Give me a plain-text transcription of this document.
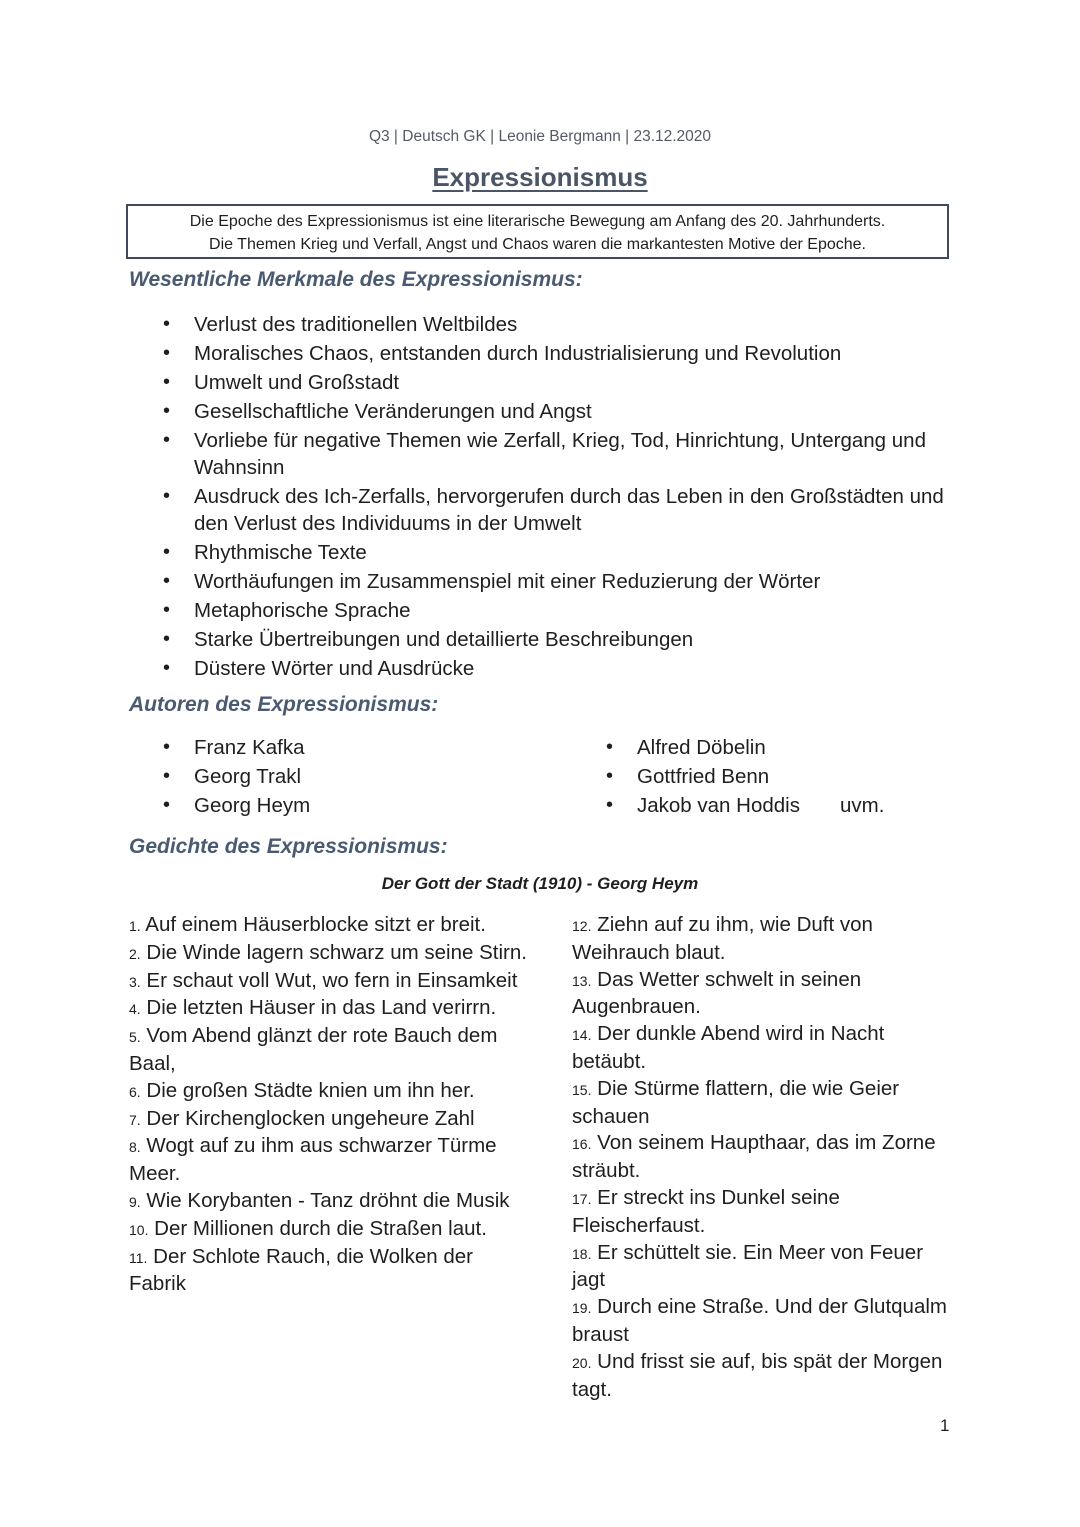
Q3 | Deutsch GK | Leonie Bergmann | 23.12.2020
Expressionismus
Die Epoche des Expressionismus ist eine literarische Bewegung am Anfang des 20. Jahrhunderts.
Die Themen Krieg und Verfall, Angst und Chaos waren die markantesten Motive der Epoche.
Wesentliche Merkmale des Expressionismus:
• Verlust des traditionellen Weltbildes
• Moralisches Chaos, entstanden durch Industrialisierung und Revolution
• Umwelt und Großstadt
• Gesellschaftliche Veränderungen und Angst
• Vorliebe für negative Themen wie Zerfall, Krieg, Tod, Hinrichtung, Untergang und Wahnsinn
• Ausdruck des Ich-Zerfalls, hervorgerufen durch das Leben in den Großstädten und den Verlust des Individuums in der Umwelt
• Rhythmische Texte
• Worthäufungen im Zusammenspiel mit einer Reduzierung der Wörter
• Metaphorische Sprache
• Starke Übertreibungen und detaillierte Beschreibungen
• Düstere Wörter und Ausdrücke
Autoren des Expressionismus:
• Franz Kafka
• Georg Trakl
• Georg Heym
• Alfred Döbelin
• Gottfried Benn
• Jakob van Hoddis	uvm.
Gedichte des Expressionismus:
Der Gott der Stadt (1910) - Georg Heym
1. Auf einem Häuserblocke sitzt er breit.
2. Die Winde lagern schwarz um seine Stirn.
3. Er schaut voll Wut, wo fern in Einsamkeit
4. Die letzten Häuser in das Land verirrn.
5. Vom Abend glänzt der rote Bauch dem Baal,
6. Die großen Städte knien um ihn her.
7. Der Kirchenglocken ungeheure Zahl
8. Wogt auf zu ihm aus schwarzer Türme Meer.
9. Wie Korybanten - Tanz dröhnt die Musik
10. Der Millionen durch die Straßen laut.
11. Der Schlote Rauch, die Wolken der Fabrik
12. Ziehn auf zu ihm, wie Duft von Weihrauch blaut.
13. Das Wetter schwelt in seinen Augenbrauen.
14. Der dunkle Abend wird in Nacht betäubt.
15. Die Stürme flattern, die wie Geier schauen
16. Von seinem Haupthaar, das im Zorne sträubt.
17. Er streckt ins Dunkel seine Fleischerfaust.
18. Er schüttelt sie. Ein Meer von Feuer jagt
19. Durch eine Straße. Und der Glutqualm braust
20. Und frisst sie auf, bis spät der Morgen tagt.
1
